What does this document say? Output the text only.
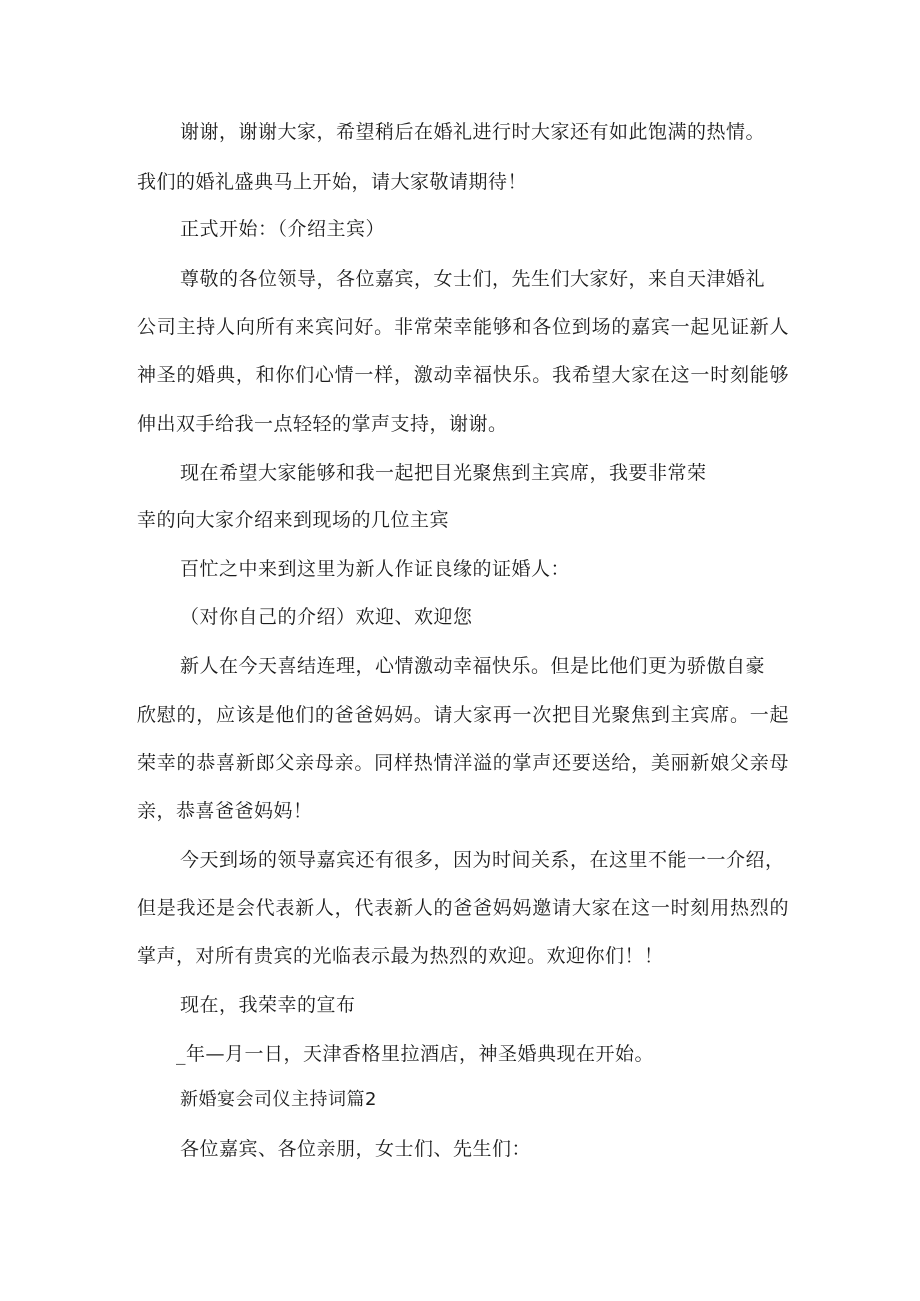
谢谢，谢谢大家，希望稍后在婚礼进行时大家还有如此饱满的热情。
我们的婚礼盛典马上开始，请大家敬请期待！
正式开始：（介绍主宾）
尊敬的各位领导，各位嘉宾，女士们，先生们大家好，来自天津婚礼
公司主持人向所有来宾问好。非常荣幸能够和各位到场的嘉宾一起见证新人
神圣的婚典，和你们心情一样，激动幸福快乐。我希望大家在这一时刻能够
伸出双手给我一点轻轻的掌声支持，谢谢。
现在希望大家能够和我一起把目光聚焦到主宾席，我要非常荣
幸的向大家介绍来到现场的几位主宾
百忙之中来到这里为新人作证良缘的证婚人：
（对你自己的介绍）欢迎、欢迎您
新人在今天喜结连理，心情激动幸福快乐。但是比他们更为骄傲自豪
欣慰的，应该是他们的爸爸妈妈。请大家再一次把目光聚焦到主宾席。一起
荣幸的恭喜新郎父亲母亲。同样热情洋溢的掌声还要送给，美丽新娘父亲母
亲，恭喜爸爸妈妈！
今天到场的领导嘉宾还有很多，因为时间关系，在这里不能一一介绍，
但是我还是会代表新人，代表新人的爸爸妈妈邀请大家在这一时刻用热烈的
掌声，对所有贵宾的光临表示最为热烈的欢迎。欢迎你们！！
现在，我荣幸的宣布
_年—月一日，天津香格里拉酒店，神圣婚典现在开始。
新婚宴会司仪主持词篇2
各位嘉宾、各位亲朋，女士们、先生们：
